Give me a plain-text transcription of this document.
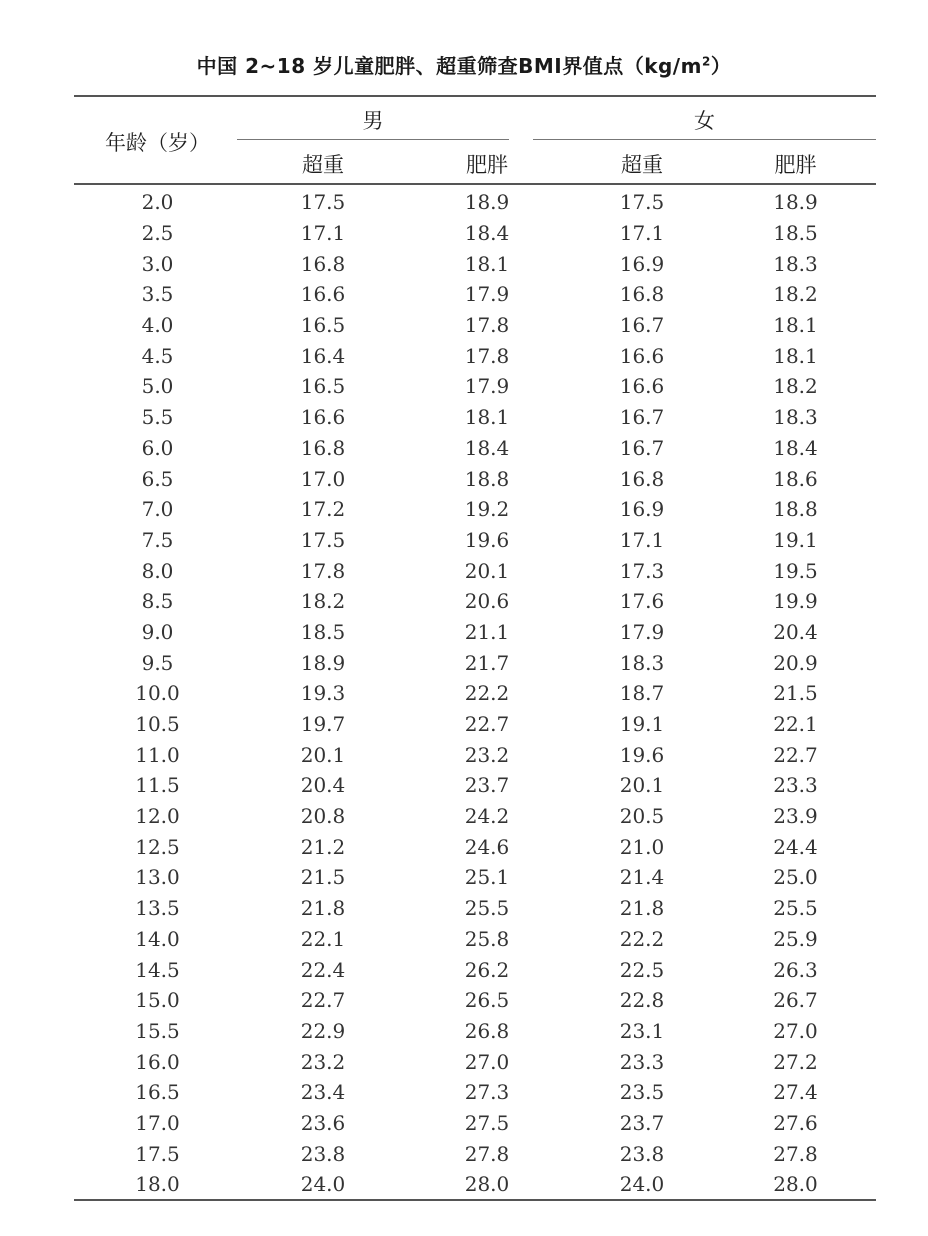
中国 2~18 岁儿童肥胖、超重筛查BMI界值点$(kg/m^2)$
年龄（岁）
男	女
超重	肥胖	超重	肥胖
2.0	17.5	18.9	17.5	18.9
2.5	17.1	18.4	17.1	18.5
3.0	16.8	18.1	16.9	18.3
3.5	16.6	17.9	16.8	18.2
4.0	16.5	17.8	16.7	18.1
4.5	16.4	17.8	16.6	18.1
5.0	16.5	17.9	16.6	18.2
5.5	16.6	18.1	16.7	18.3
6.0	16.8	18.4	16.7	18.4
6.5	17.0	18.8	16.8	18.6
7.0	17.2	19.2	16.9	18.8
7.5	17.5	19.6	17.1	19.1
8.0	17.8	20.1	17.3	19.5
8.5	18.2	20.6	17.6	19.9
9.0	18.5	21.1	17.9	20.4
9.5	18.9	21.7	18.3	20.9
10.0	19.3	22.2	18.7	21.5
10.5	19.7	22.7	19.1	22.1
11.0	20.1	23.2	19.6	22.7
11.5	20.4	23.7	20.1	23.3
12.0	20.8	24.2	20.5	23.9
12.5	21.2	24.6	21.0	24.4
13.0	21.5	25.1	21.4	25.0
13.5	21.8	25.5	21.8	25.5
14.0	22.1	25.8	22.2	25.9
14.5	22.4	26.2	22.5	26.3
15.0	22.7	26.5	22.8	26.7
15.5	22.9	26.8	23.1	27.0
16.0	23.2	27.0	23.3	27.2
16.5	23.4	27.3	23.5	27.4
17.0	23.6	27.5	23.7	27.6
17.5	23.8	27.8	23.8	27.8
18.0	24.0	28.0	24.0	28.0
